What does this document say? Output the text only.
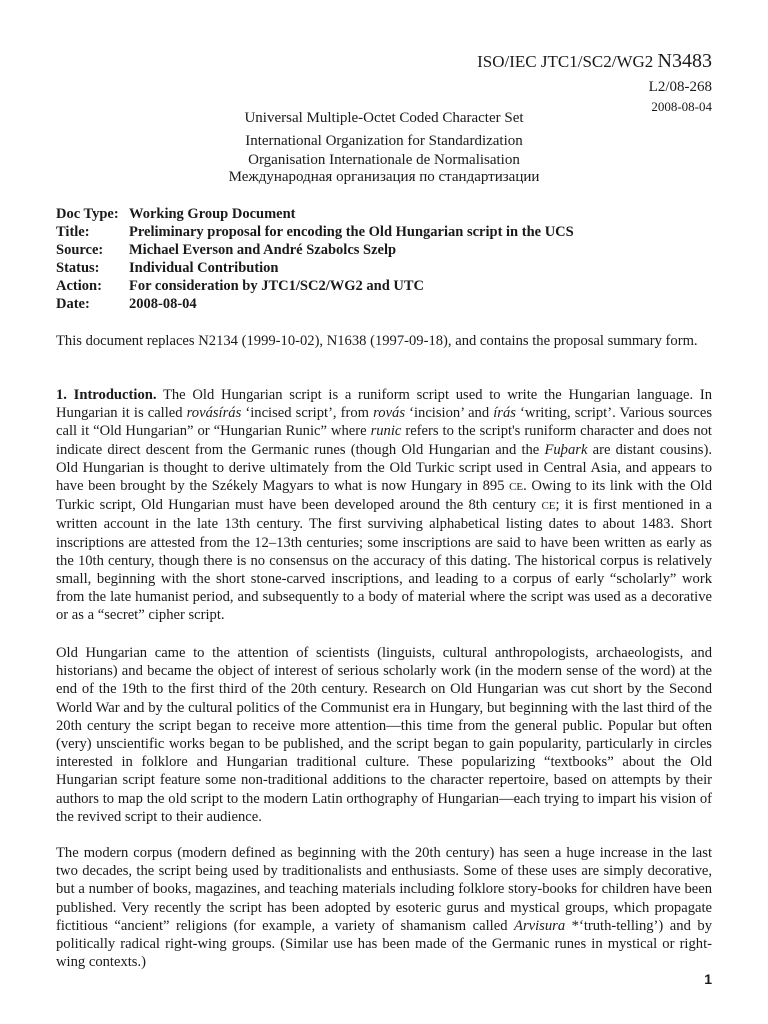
ISO/IEC JTC1/SC2/WG2 N3483
L2/08-268
2008-08-04
Universal Multiple-Octet Coded Character Set
International Organization for Standardization
Organisation Internationale de Normalisation
Международная организация по стандартизации
Doc Type: Working Group Document
Title:	Preliminary proposal for encoding the Old Hungarian script in the UCS
Source:	Michael Everson and André Szabolcs Szelp
Status:	Individual Contribution
Action:	For consideration by JTC1/SC2/WG2 and UTC
Date:	2008-08-04

This document replaces N2134 (1999-10-02), N1638 (1997-09-18), and contains the proposal summary form.

1. Introduction. The Old Hungarian script is a runiform script used to write the Hungarian language. In Hungarian it is called rovásírás ‘incised script’, from rovás ‘incision’ and írás ‘writing, script’. Various sources call it “Old Hungarian” or “Hungarian Runic” where runic refers to the script's runiform character and does not indicate direct descent from the Germanic runes (though Old Hungarian and the Fuþark are distant cousins). Old Hungarian is thought to derive ultimately from the Old Turkic script used in Central Asia, and appears to have been brought by the Székely Magyars to what is now Hungary in 895 CE. Owing to its link with the Old Turkic script, Old Hungarian must have been developed around the 8th century CE; it is first mentioned in a written account in the late 13th century. The first surviving alphabetical listing dates to about 1483. Short inscriptions are attested from the 12–13th centuries; some inscriptions are said to have been written as early as the 10th century, though there is no consensus on the accuracy of this dating. The historical corpus is relatively small, beginning with the short stone-carved inscriptions, and leading to a corpus of early “scholarly” work from the late humanist period, and subsequently to a body of material where the script was used as a decorative or as a “secret” cipher script.

Old Hungarian came to the attention of scientists (linguists, cultural anthropologists, archaeologists, and historians) and became the object of interest of serious scholarly work (in the modern sense of the word) at the end of the 19th to the first third of the 20th century. Research on Old Hungarian was cut short by the Second World War and by the cultural politics of the Communist era in Hungary, but beginning with the last third of the 20th century the script began to receive more attention—this time from the general public. Popular but often (very) unscientific works began to be published, and the script began to gain popularity, particularly in circles interested in folklore and Hungarian traditional culture. These popularizing “textbooks” about the Old Hungarian script feature some non-traditional additions to the character repertoire, based on attempts by their authors to map the old script to the modern Latin orthography of Hungarian—each trying to impart his vision of the revived script to their audience.

The modern corpus (modern defined as beginning with the 20th century) has seen a huge increase in the last two decades, the script being used by traditionalists and enthusiasts. Some of these uses are simply decorative, but a number of books, magazines, and teaching materials including folklore story-books for children have been published. Very recently the script has been adopted by esoteric gurus and mystical groups, which propagate fictitious “ancient” religions (for example, a variety of shamanism called Arvisura *‘truth-telling’) and by politically radical right-wing groups. (Similar use has been made of the Germanic runes in mystical or right-wing contexts.)

1
